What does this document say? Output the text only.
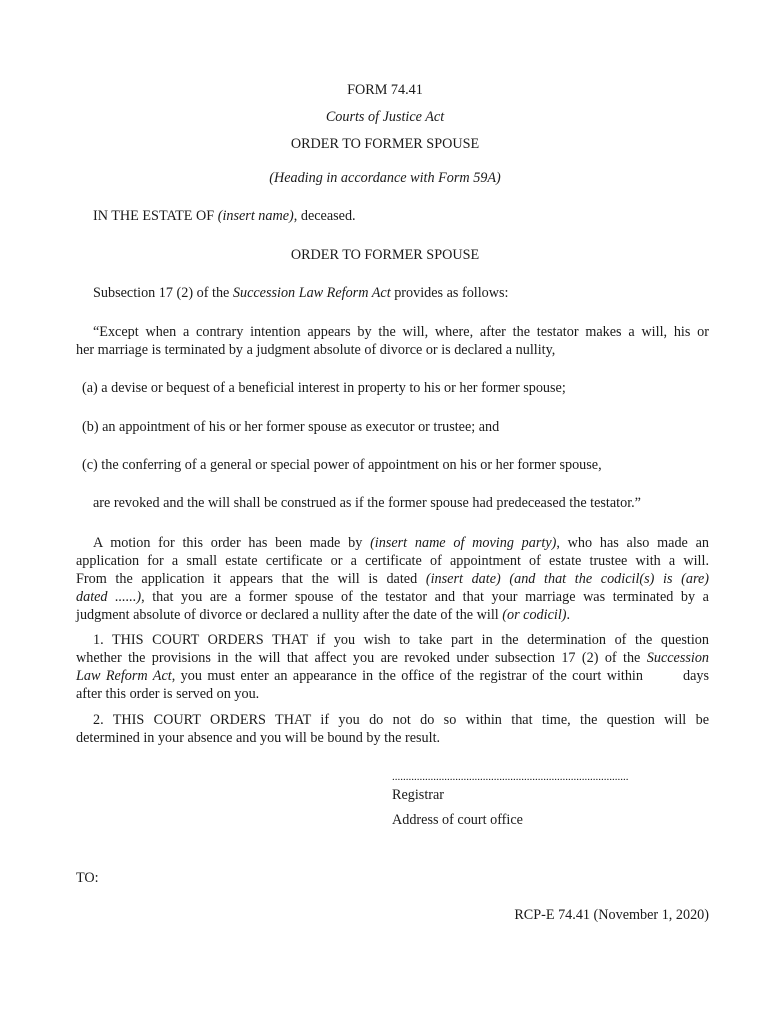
FORM 74.41
Courts of Justice Act
ORDER TO FORMER SPOUSE
(Heading in accordance with Form 59A)
IN THE ESTATE OF (insert name), deceased.
ORDER TO FORMER SPOUSE
Subsection 17 (2) of the Succession Law Reform Act provides as follows:
“Except when a contrary intention appears by the will, where, after the testator makes a will, his or
her marriage is terminated by a judgment absolute of divorce or is declared a nullity,
(a) a devise or bequest of a beneficial interest in property to his or her former spouse;
(b) an appointment of his or her former spouse as executor or trustee; and
(c) the conferring of a general or special power of appointment on his or her former spouse,
are revoked and the will shall be construed as if the former spouse had predeceased the testator.”
A motion for this order has been made by (insert name of moving party), who has also made an
application for a small estate certificate or a certificate of appointment of estate trustee with a will.
From the application it appears that the will is dated (insert date) (and that the codicil(s) is (are)
dated ......), that you are a former spouse of the testator and that your marriage was terminated by a
judgment absolute of divorce or declared a nullity after the date of the will (or codicil).
1. THIS COURT ORDERS THAT if you wish to take part in the determination of the question
whether the provisions in the will that affect you are revoked under subsection 17 (2) of the Succession
Law Reform Act, you must enter an appearance in the office of the registrar of the court within	days
after this order is served on you.
2. THIS COURT ORDERS THAT if you do not do so within that time, the question will be
determined in your absence and you will be bound by the result.
......................................................................................
Registrar
Address of court office
TO:
RCP-E 74.41 (November 1, 2020)
